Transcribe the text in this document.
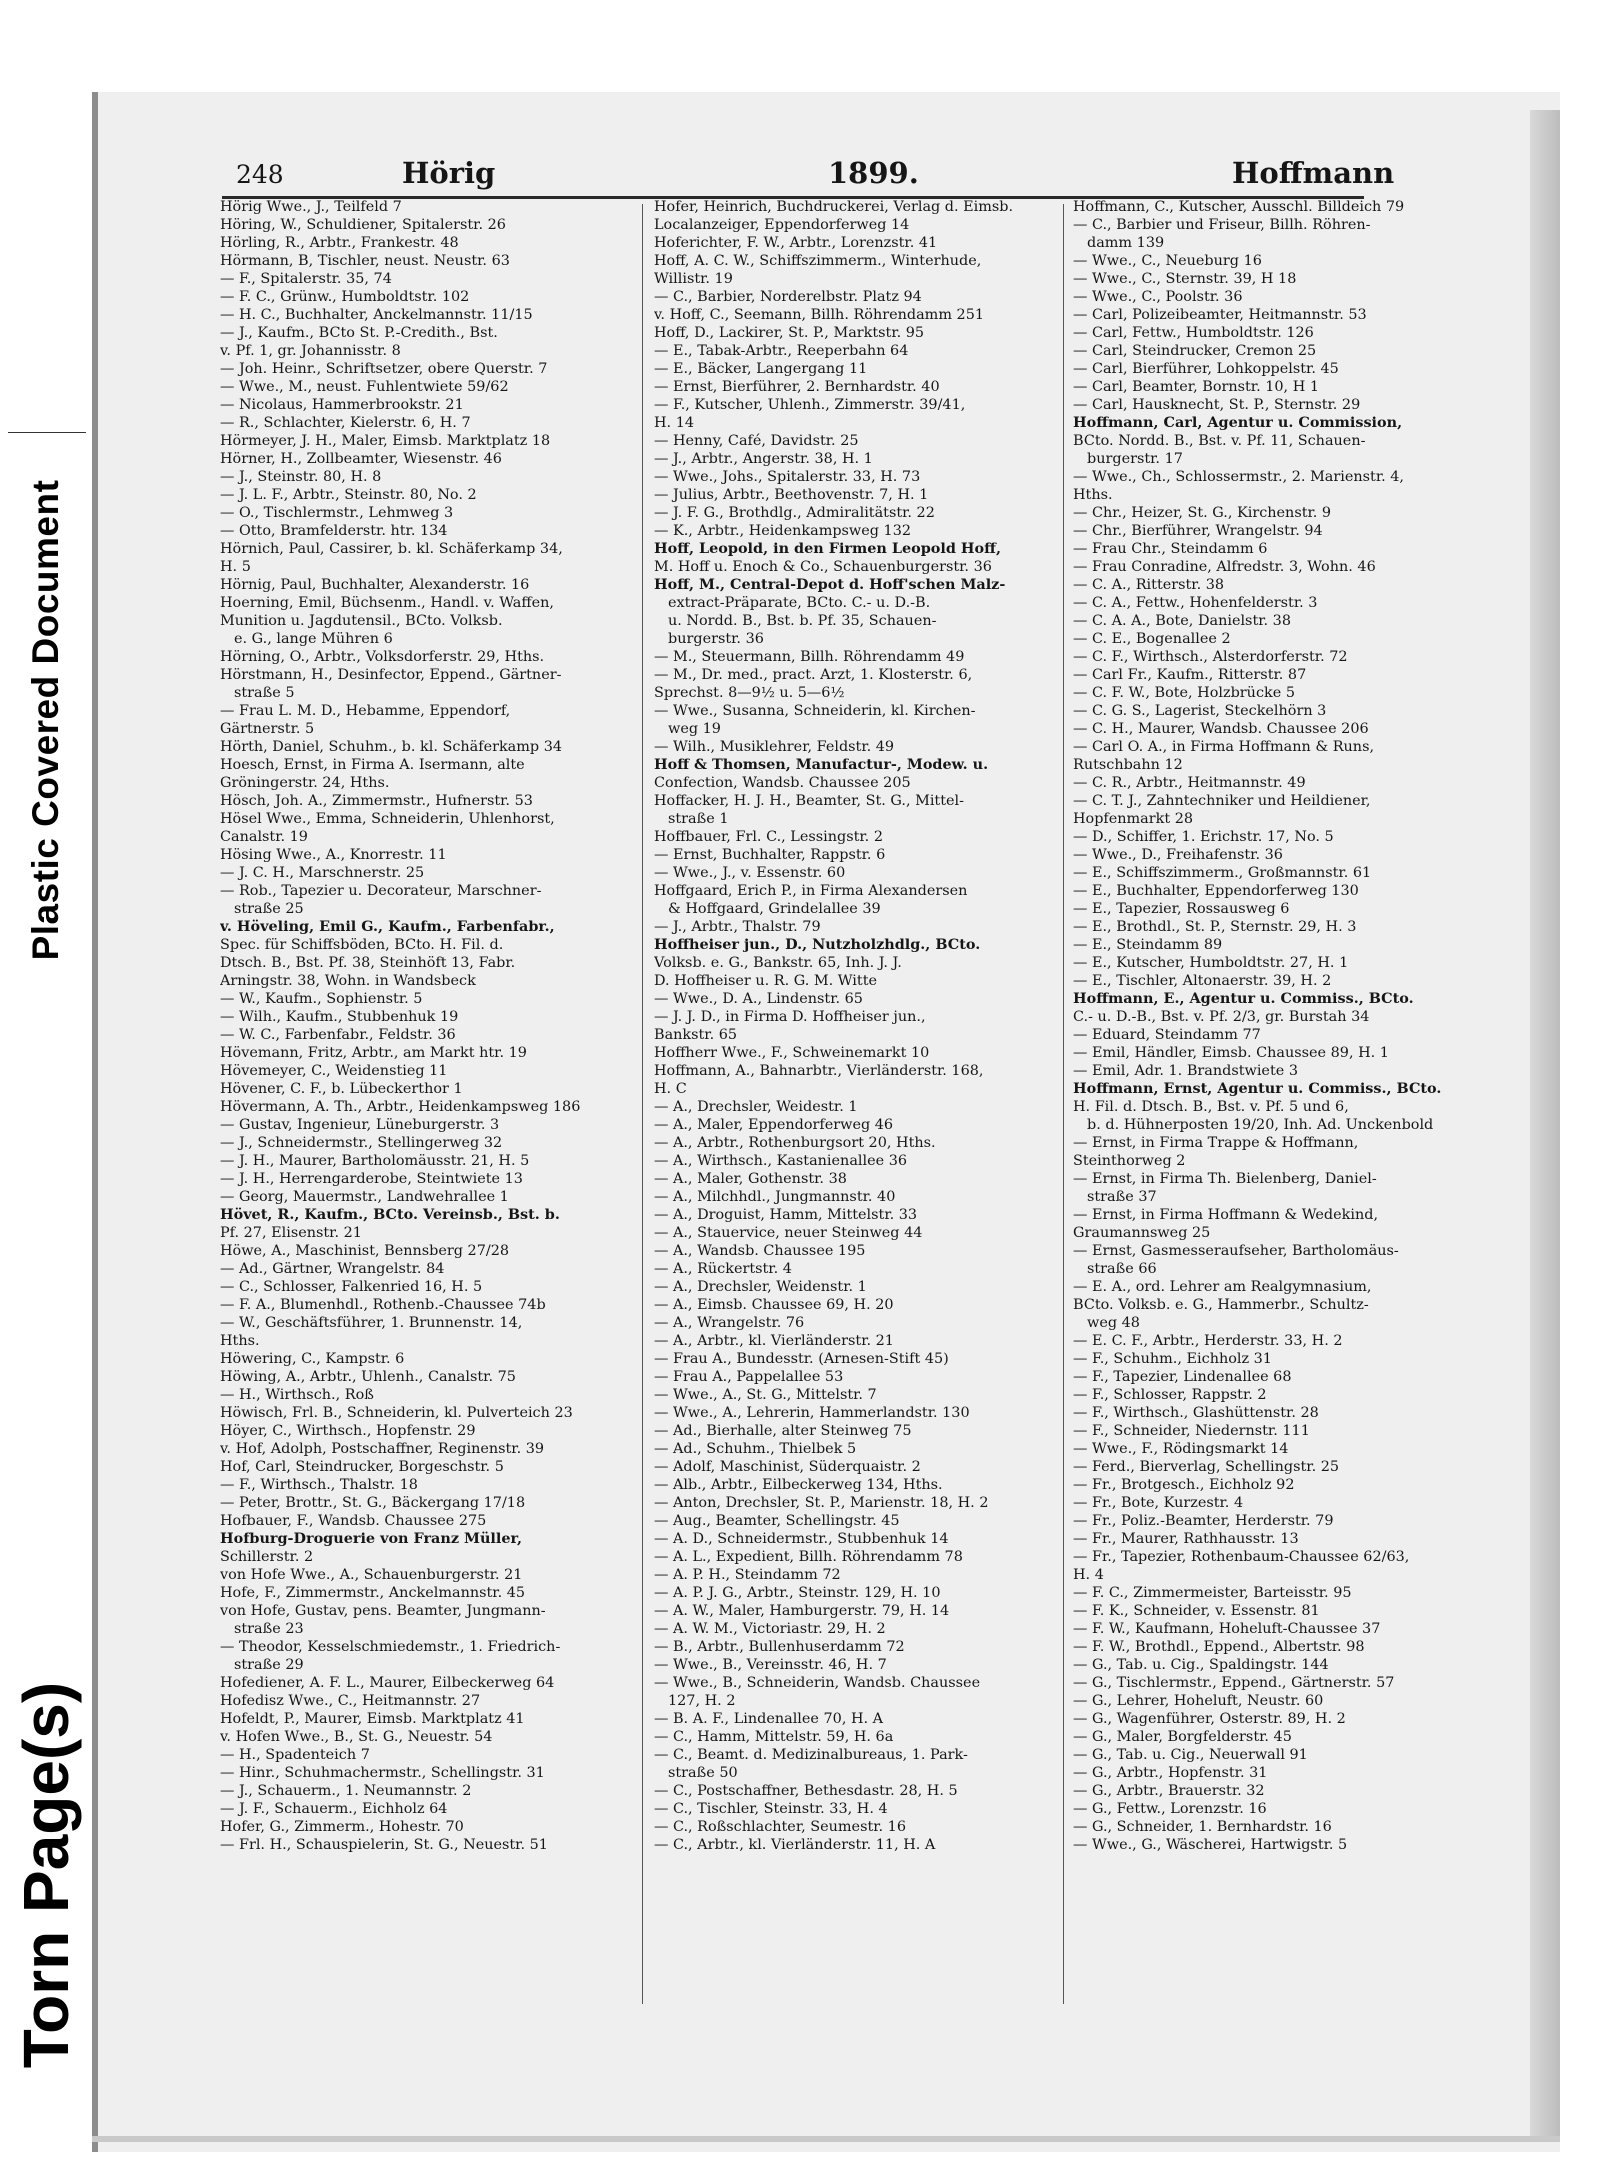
Plastic Covered Document
Torn Page(s)
248	Hörig	1899.	Hoffmann
Hörig Wwe., J., Teilfeld 7
Höring, W., Schuldiener, Spitalerstr. 26
Hörling, R., Arbtr., Frankestr. 48
Hörmann, B, Tischler, neust. Neustr. 63
— F., Spitalerstr. 35, 74
— F. C., Grünw., Humboldtstr. 102
— H. C., Buchhalter, Anckelmannstr. 11/15
— J., Kaufm., BCto St. P.-Credith., Bst.
v. Pf. 1, gr. Johannisstr. 8
— Joh. Heinr., Schriftsetzer, obere Querstr. 7
— Wwe., M., neust. Fuhlentwiete 59/62
— Nicolaus, Hammerbrookstr. 21
— R., Schlachter, Kielerstr. 6, H. 7
Hörmeyer, J. H., Maler, Eimsb. Marktplatz 18
Hörner, H., Zollbeamter, Wiesenstr. 46
— J., Steinstr. 80, H. 8
— J. L. F., Arbtr., Steinstr. 80, No. 2
— O., Tischlermstr., Lehmweg 3
— Otto, Bramfelderstr. htr. 134
Hörnich, Paul, Cassirer, b. kl. Schäferkamp 34,
H. 5
Hörnig, Paul, Buchhalter, Alexanderstr. 16
Hoerning, Emil, Büchsenm., Handl. v. Waffen,
Munition u. Jagdutensil., BCto. Volksb.
e. G., lange Mühren 6
Hörning, O., Arbtr., Volksdorferstr. 29, Hths.
Hörstmann, H., Desinfector, Eppend., Gärtner-
straße 5
— Frau L. M. D., Hebamme, Eppendorf,
Gärtnerstr. 5
Hörth, Daniel, Schuhm., b. kl. Schäferkamp 34
Hoesch, Ernst, in Firma A. Isermann, alte
Gröningerstr. 24, Hths.
Hösch, Joh. A., Zimmermstr., Hufnerstr. 53
Hösel Wwe., Emma, Schneiderin, Uhlenhorst,
Canalstr. 19
Hösing Wwe., A., Knorrestr. 11
— J. C. H., Marschnerstr. 25
— Rob., Tapezier u. Decorateur, Marschner-
straße 25
v. Höveling, Emil G., Kaufm., Farbenfabr.,
Spec. für Schiffsböden, BCto. H. Fil. d.
Dtsch. B., Bst. Pf. 38, Steinhöft 13, Fabr.
Arningstr. 38, Wohn. in Wandsbeck
— W., Kaufm., Sophienstr. 5
— Wilh., Kaufm., Stubbenhuk 19
— W. C., Farbenfabr., Feldstr. 36
Hövemann, Fritz, Arbtr., am Markt htr. 19
Hövemeyer, C., Weidenstieg 11
Hövener, C. F., b. Lübeckerthor 1
Hövermann, A. Th., Arbtr., Heidenkampsweg 186
— Gustav, Ingenieur, Lüneburgerstr. 3
— J., Schneidermstr., Stellingerweg 32
— J. H., Maurer, Bartholomäusstr. 21, H. 5
— J. H., Herrengarderobe, Steintwiete 13
— Georg, Mauermstr., Landwehrallee 1
Hövet, R., Kaufm., BCto. Vereinsb., Bst. b.
Pf. 27, Elisenstr. 21
Höwe, A., Maschinist, Bennsberg 27/28
— Ad., Gärtner, Wrangelstr. 84
— C., Schlosser, Falkenried 16, H. 5
— F. A., Blumenhdl., Rothenb.-Chaussee 74b
— W., Geschäftsführer, 1. Brunnenstr. 14,
Hths.
Höwering, C., Kampstr. 6
Höwing, A., Arbtr., Uhlenh., Canalstr. 75
— H., Wirthsch., Roß
Höwisch, Frl. B., Schneiderin, kl. Pulverteich 23
Höyer, C., Wirthsch., Hopfenstr. 29
v. Hof, Adolph, Postschaffner, Reginenstr. 39
Hof, Carl, Steindrucker, Borgeschstr. 5
— F., Wirthsch., Thalstr. 18
— Peter, Brottr., St. G., Bäckergang 17/18
Hofbauer, F., Wandsb. Chaussee 275
Hofburg-Droguerie von Franz Müller,
Schillerstr. 2
von Hofe Wwe., A., Schauenburgerstr. 21
Hofe, F., Zimmermstr., Anckelmannstr. 45
von Hofe, Gustav, pens. Beamter, Jungmann-
straße 23
— Theodor, Kesselschmiedemstr., 1. Friedrich-
straße 29
Hofediener, A. F. L., Maurer, Eilbeckerweg 64
Hofedisz Wwe., C., Heitmannstr. 27
Hofeldt, P., Maurer, Eimsb. Marktplatz 41
v. Hofen Wwe., B., St. G., Neuestr. 54
— H., Spadenteich 7
— Hinr., Schuhmachermstr., Schellingstr. 31
— J., Schauerm., 1. Neumannstr. 2
— J. F., Schauerm., Eichholz 64
Hofer, G., Zimmerm., Hohestr. 70
— Frl. H., Schauspielerin, St. G., Neuestr. 51
Hofer, Heinrich, Buchdruckerei, Verlag d. Eimsb.
Localanzeiger, Eppendorferweg 14
Hoferichter, F. W., Arbtr., Lorenzstr. 41
Hoff, A. C. W., Schiffszimmerm., Winterhude,
Willistr. 19
— C., Barbier, Norderelbstr. Platz 94
v. Hoff, C., Seemann, Billh. Röhrendamm 251
Hoff, D., Lackirer, St. P., Marktstr. 95
— E., Tabak-Arbtr., Reeperbahn 64
— E., Bäcker, Langergang 11
— Ernst, Bierführer, 2. Bernhardstr. 40
— F., Kutscher, Uhlenh., Zimmerstr. 39/41,
H. 14
— Henny, Café, Davidstr. 25
— J., Arbtr., Angerstr. 38, H. 1
— Wwe., Johs., Spitalerstr. 33, H. 73
— Julius, Arbtr., Beethovenstr. 7, H. 1
— J. F. G., Brothdlg., Admiralitätstr. 22
— K., Arbtr., Heidenkampsweg 132
Hoff, Leopold, in den Firmen Leopold Hoff,
M. Hoff u. Enoch & Co., Schauenburgerstr. 36
Hoff, M., Central-Depot d. Hoff'schen Malz-
extract-Präparate, BCto. C.- u. D.-B.
u. Nordd. B., Bst. b. Pf. 35, Schauen-
burgerstr. 36
— M., Steuermann, Billh. Röhrendamm 49
— M., Dr. med., pract. Arzt, 1. Klosterstr. 6,
Sprechst. 8—9½ u. 5—6½
— Wwe., Susanna, Schneiderin, kl. Kirchen-
weg 19
— Wilh., Musiklehrer, Feldstr. 49
Hoff & Thomsen, Manufactur-, Modew. u.
Confection, Wandsb. Chaussee 205
Hoffacker, H. J. H., Beamter, St. G., Mittel-
straße 1
Hoffbauer, Frl. C., Lessingstr. 2
— Ernst, Buchhalter, Rappstr. 6
— Wwe., J., v. Essenstr. 60
Hoffgaard, Erich P., in Firma Alexandersen
& Hoffgaard, Grindelallee 39
— J., Arbtr., Thalstr. 79
Hoffheiser jun., D., Nutzholzhdlg., BCto.
Volksb. e. G., Bankstr. 65, Inh. J. J.
D. Hoffheiser u. R. G. M. Witte
— Wwe., D. A., Lindenstr. 65
— J. J. D., in Firma D. Hoffheiser jun.,
Bankstr. 65
Hoffherr Wwe., F., Schweinemarkt 10
Hoffmann, A., Bahnarbtr., Vierländerstr. 168,
H. C
— A., Drechsler, Weidestr. 1
— A., Maler, Eppendorferweg 46
— A., Arbtr., Rothenburgsort 20, Hths.
— A., Wirthsch., Kastanienallee 36
— A., Maler, Gothenstr. 38
— A., Milchhdl., Jungmannstr. 40
— A., Droguist, Hamm, Mittelstr. 33
— A., Stauervice, neuer Steinweg 44
— A., Wandsb. Chaussee 195
— A., Rückertstr. 4
— A., Drechsler, Weidenstr. 1
— A., Eimsb. Chaussee 69, H. 20
— A., Wrangelstr. 76
— A., Arbtr., kl. Vierländerstr. 21
— Frau A., Bundesstr. (Arnesen-Stift 45)
— Frau A., Pappelallee 53
— Wwe., A., St. G., Mittelstr. 7
— Wwe., A., Lehrerin, Hammerlandstr. 130
— Ad., Bierhalle, alter Steinweg 75
— Ad., Schuhm., Thielbek 5
— Adolf, Maschinist, Süderquaistr. 2
— Alb., Arbtr., Eilbeckerweg 134, Hths.
— Anton, Drechsler, St. P., Marienstr. 18, H. 2
— Aug., Beamter, Schellingstr. 45
— A. D., Schneidermstr., Stubbenhuk 14
— A. L., Expedient, Billh. Röhrendamm 78
— A. P. H., Steindamm 72
— A. P. J. G., Arbtr., Steinstr. 129, H. 10
— A. W., Maler, Hamburgerstr. 79, H. 14
— A. W. M., Victoriastr. 29, H. 2
— B., Arbtr., Bullenhuserdamm 72
— Wwe., B., Vereinsstr. 46, H. 7
— Wwe., B., Schneiderin, Wandsb. Chaussee
127, H. 2
— B. A. F., Lindenallee 70, H. A
— C., Hamm, Mittelstr. 59, H. 6a
— C., Beamt. d. Medizinalbureaus, 1. Park-
straße 50
— C., Postschaffner, Bethesdastr. 28, H. 5
— C., Tischler, Steinstr. 33, H. 4
— C., Roßschlachter, Seumestr. 16
— C., Arbtr., kl. Vierländerstr. 11, H. A
Hoffmann, C., Kutscher, Ausschl. Billdeich 79
— C., Barbier und Friseur, Billh. Röhren-
damm 139
— Wwe., C., Neueburg 16
— Wwe., C., Sternstr. 39, H 18
— Wwe., C., Poolstr. 36
— Carl, Polizeibeamter, Heitmannstr. 53
— Carl, Fettw., Humboldtstr. 126
— Carl, Steindrucker, Cremon 25
— Carl, Bierführer, Lohkoppelstr. 45
— Carl, Beamter, Bornstr. 10, H 1
— Carl, Hausknecht, St. P., Sternstr. 29
Hoffmann, Carl, Agentur u. Commission,
BCto. Nordd. B., Bst. v. Pf. 11, Schauen-
burgerstr. 17
— Wwe., Ch., Schlossermstr., 2. Marienstr. 4,
Hths.
— Chr., Heizer, St. G., Kirchenstr. 9
— Chr., Bierführer, Wrangelstr. 94
— Frau Chr., Steindamm 6
— Frau Conradine, Alfredstr. 3, Wohn. 46
— C. A., Ritterstr. 38
— C. A., Fettw., Hohenfelderstr. 3
— C. A. A., Bote, Danielstr. 38
— C. E., Bogenallee 2
— C. F., Wirthsch., Alsterdorferstr. 72
— Carl Fr., Kaufm., Ritterstr. 87
— C. F. W., Bote, Holzbrücke 5
— C. G. S., Lagerist, Steckelhörn 3
— C. H., Maurer, Wandsb. Chaussee 206
— Carl O. A., in Firma Hoffmann & Runs,
Rutschbahn 12
— C. R., Arbtr., Heitmannstr. 49
— C. T. J., Zahntechniker und Heildiener,
Hopfenmarkt 28
— D., Schiffer, 1. Erichstr. 17, No. 5
— Wwe., D., Freihafenstr. 36
— E., Schiffszimmerm., Großmannstr. 61
— E., Buchhalter, Eppendorferweg 130
— E., Tapezier, Rossausweg 6
— E., Brothdl., St. P., Sternstr. 29, H. 3
— E., Steindamm 89
— E., Kutscher, Humboldtstr. 27, H. 1
— E., Tischler, Altonaerstr. 39, H. 2
Hoffmann, E., Agentur u. Commiss., BCto.
C.- u. D.-B., Bst. v. Pf. 2/3, gr. Burstah 34
— Eduard, Steindamm 77
— Emil, Händler, Eimsb. Chaussee 89, H. 1
— Emil, Adr. 1. Brandstwiete 3
Hoffmann, Ernst, Agentur u. Commiss., BCto.
H. Fil. d. Dtsch. B., Bst. v. Pf. 5 und 6,
b. d. Hühnerposten 19/20, Inh. Ad. Unckenbold
— Ernst, in Firma Trappe & Hoffmann,
Steinthorweg 2
— Ernst, in Firma Th. Bielenberg, Daniel-
straße 37
— Ernst, in Firma Hoffmann & Wedekind,
Graumannsweg 25
— Ernst, Gasmesseraufseher, Bartholomäus-
straße 66
— E. A., ord. Lehrer am Realgymnasium,
BCto. Volksb. e. G., Hammerbr., Schultz-
weg 48
— E. C. F., Arbtr., Herderstr. 33, H. 2
— F., Schuhm., Eichholz 31
— F., Tapezier, Lindenallee 68
— F., Schlosser, Rappstr. 2
— F., Wirthsch., Glashüttenstr. 28
— F., Schneider, Niedernstr. 111
— Wwe., F., Rödingsmarkt 14
— Ferd., Bierverlag, Schellingstr. 25
— Fr., Brotgesch., Eichholz 92
— Fr., Bote, Kurzestr. 4
— Fr., Poliz.-Beamter, Herderstr. 79
— Fr., Maurer, Rathhausstr. 13
— Fr., Tapezier, Rothenbaum-Chaussee 62/63,
H. 4
— F. C., Zimmermeister, Barteisstr. 95
— F. K., Schneider, v. Essenstr. 81
— F. W., Kaufmann, Hoheluft-Chaussee 37
— F. W., Brothdl., Eppend., Albertstr. 98
— G., Tab. u. Cig., Spaldingstr. 144
— G., Tischlermstr., Eppend., Gärtnerstr. 57
— G., Lehrer, Hoheluft, Neustr. 60
— G., Wagenführer, Osterstr. 89, H. 2
— G., Maler, Borgfelderstr. 45
— G., Tab. u. Cig., Neuerwall 91
— G., Arbtr., Hopfenstr. 31
— G., Arbtr., Brauerstr. 32
— G., Fettw., Lorenzstr. 16
— G., Schneider, 1. Bernhardstr. 16
— Wwe., G., Wäscherei, Hartwigstr. 5
